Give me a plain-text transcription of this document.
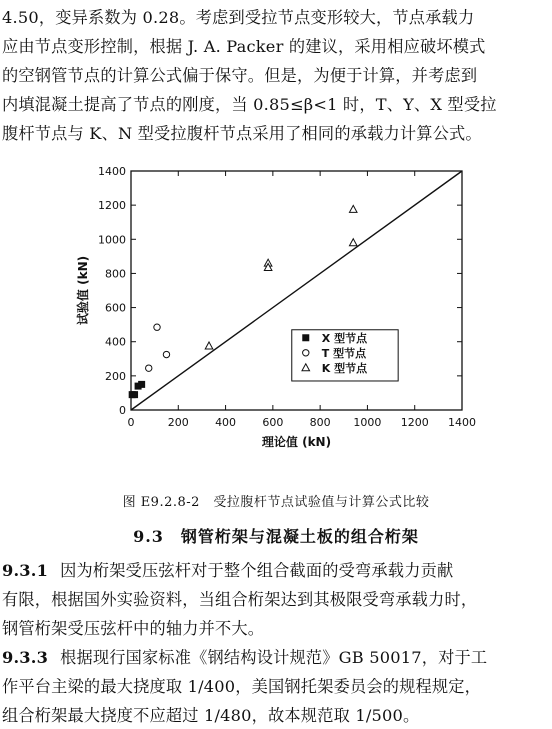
4.50，变异系数为 0.28。考虑到受拉节点变形较大，节点承载力
应由节点变形控制，根据 J. A. Packer 的建议，采用相应破坏模式
的空钢管节点的计算公式偏于保守。但是，为便于计算，并考虑到
内填混凝土提高了节点的刚度，当 0.85≤β<1 时，T、Y、X 型受拉
腹杆节点与 K、N 型受拉腹杆节点采用了相同的承载力计算公式。
0	200 400 600 800 1000 1200 1400
0
200
400
600
800
1000
1200
1400
理论值 (kN)
试验值 (kN)
X 型节点
T 型节点
K 型节点
图 E9.2.8-2　受拉腹杆节点试验值与计算公式比较
9.3　钢管桁架与混凝土板的组合桁架
9.3.1 因为桁架受压弦杆对于整个组合截面的受弯承载力贡献
有限，根据国外实验资料，当组合桁架达到其极限受弯承载力时，
钢管桁架受压弦杆中的轴力并不大。
9.3.3 根据现行国家标准《钢结构设计规范》GB 50017，对于工
作平台主梁的最大挠度取 1/400，美国钢托架委员会的规程规定，
组合桁架最大挠度不应超过 1/480，故本规范取 1/500。
